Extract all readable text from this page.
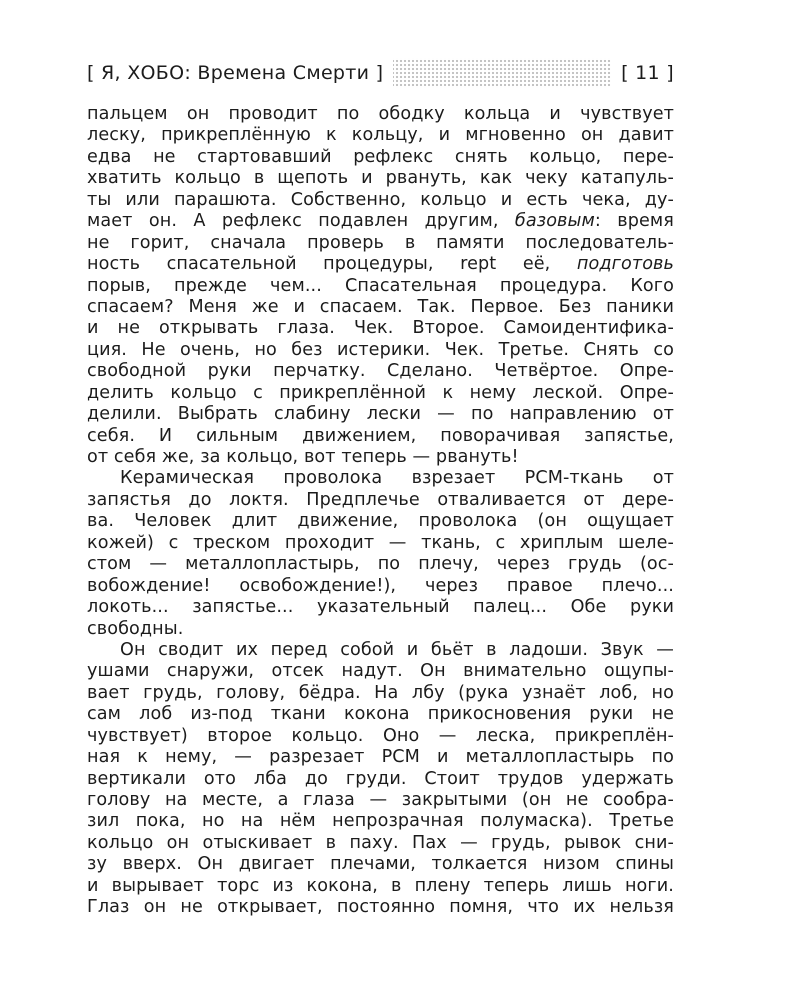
[ Я, ХОБО: Времена Смерти ]	[ 11 ]
пальцем он проводит по ободку кольца и чувствует
леску, прикреплённую к кольцу, и мгновенно он давит
едва не стартовавший рефлекс снять кольцо, пере-
хватить кольцо в щепоть и рвануть, как чеку катапуль-
ты или парашюта. Собственно, кольцо и есть чека, ду-
мает он. А рефлекс подавлен другим, базовым: время
не горит, сначала проверь в памяти последователь-
ность спасательной процедуры, rept её, подготовь
порыв, прежде чем... Спасательная процедура. Кого
спасаем? Меня же и спасаем. Так. Первое. Без паники
и не открывать глаза. Чек. Второе. Самоидентифика-
ция. Не очень, но без истерики. Чек. Третье. Снять со
свободной руки перчатку. Сделано. Четвёртое. Опре-
делить кольцо с прикреплённой к нему леской. Опре-
делили. Выбрать слабину лески — по направлению от
себя. И сильным движением, поворачивая запястье,
от себя же, за кольцо, вот теперь — рвануть!
Керамическая проволока взрезает РСМ-ткань от
запястья до локтя. Предплечье отваливается от дере-
ва. Человек длит движение, проволока (он ощущает
кожей) с треском проходит — ткань, с хриплым шеле-
стом — металлопластырь, по плечу, через грудь (ос-
вобождение! освобождение!), через правое плечо...
локоть... запястье... указательный палец... Обе руки
свободны.
Он сводит их перед собой и бьёт в ладоши. Звук —
ушами снаружи, отсек надут. Он внимательно ощупы-
вает грудь, голову, бёдра. На лбу (рука узнаёт лоб, но
сам лоб из-под ткани кокона прикосновения руки не
чувствует) второе кольцо. Оно — леска, прикреплён-
ная к нему, — разрезает РСМ и металлопластырь по
вертикали ото лба до груди. Стоит трудов удержать
голову на месте, а глаза — закрытыми (он не сообра-
зил пока, но на нём непрозрачная полумаска). Третье
кольцо он отыскивает в паху. Пах — грудь, рывок сни-
зу вверх. Он двигает плечами, толкается низом спины
и вырывает торс из кокона, в плену теперь лишь ноги.
Глаз он не открывает, постоянно помня, что их нельзя
